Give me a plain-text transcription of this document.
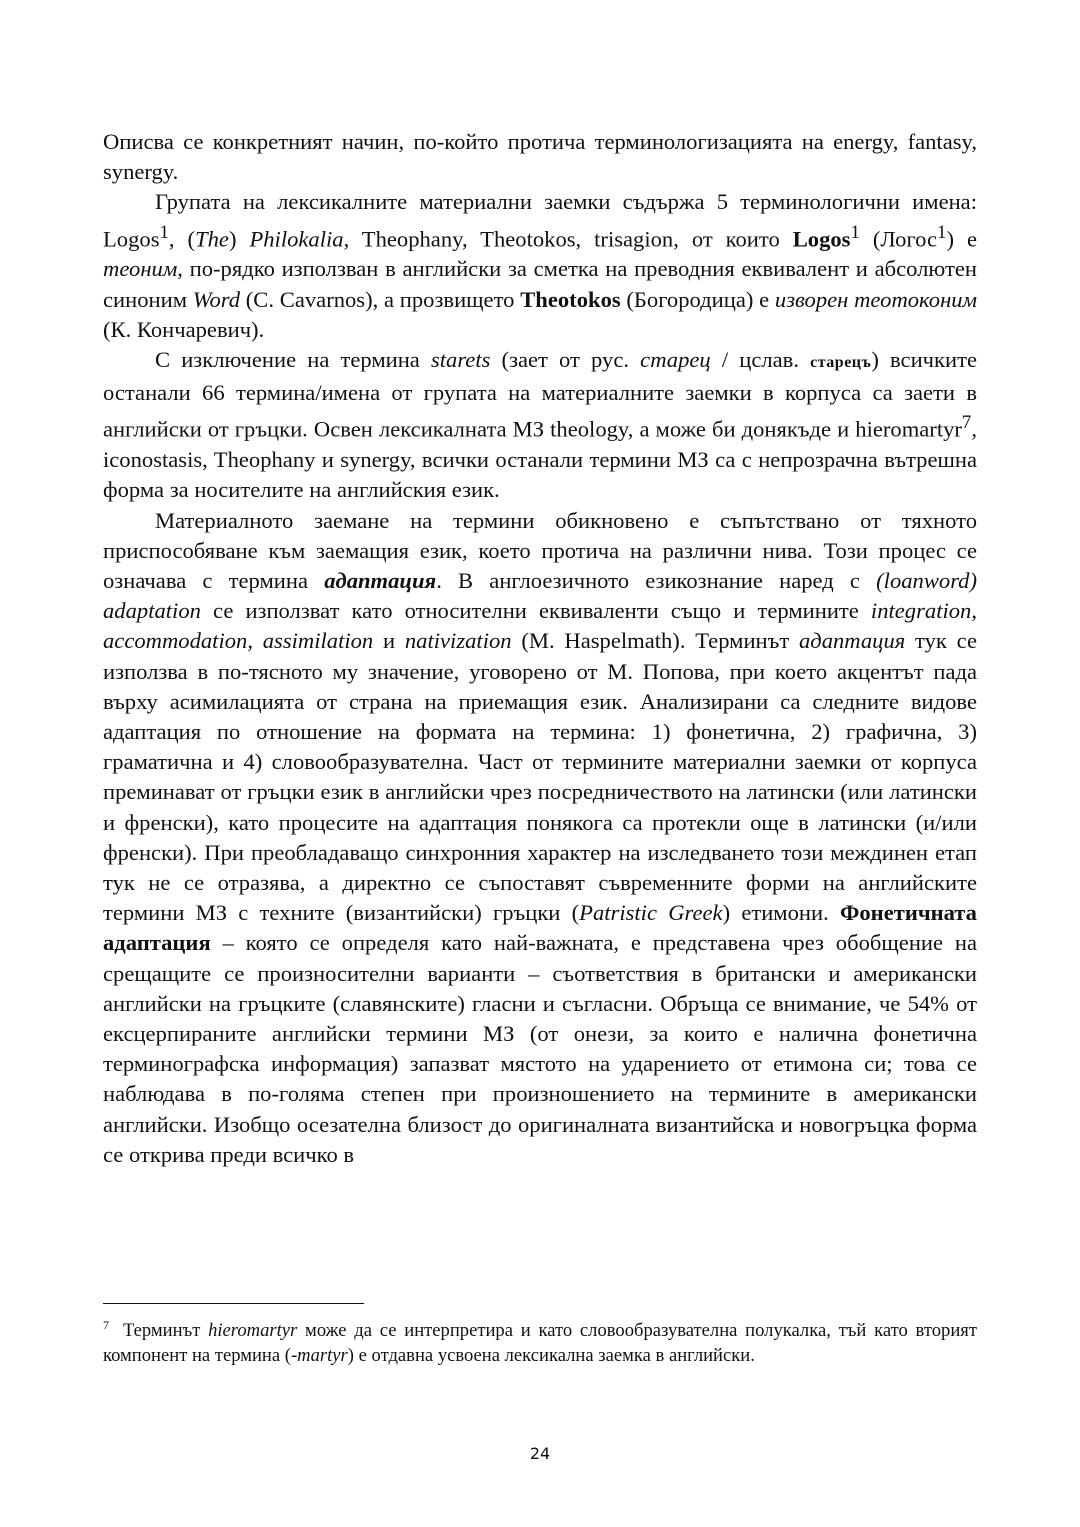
Описва се конкретният начин, по-който протича терминологизацията на energy, fantasy, synergy.

Групата на лексикалните материални заемки съдържа 5 терминологични имена: Logos$^1$, (The) Philokalia, Theophany, Theotokos, trisagion, от които Logos$^1$ (Логос$^1$) е теоним, по-рядко използван в английски за сметка на преводния еквивалент и абсолютен синоним Word (C. Cavarnos), а прозвището Theotokos (Богородица) е изворен теотоконим (К. Кончаревич).

С изключение на термина starets (зает от рус. старец / цслав. старецъ) всичките останали 66 термина/имена от групата на материалните заемки в корпуса са заети в английски от гръцки. Освен лексикалната МЗ theology, а може би донякъде и hieromartyr$^7$, iconostasis, Theophany и synergy, всички останали термини МЗ са с непрозрачна вътрешна форма за носителите на английския език.

Материалното заемане на термини обикновено е съпътствано от тяхното приспособяване към заемащия език, което протича на различни нива. Този процес се означава с термина адаптация. В англоезичното езикознание наред с (loanword) adaptation се използват като относителни еквиваленти също и термините integration, accommodation, assimilation и nativization (M. Haspelmath). Терминът адаптация тук се използва в по-тясното му значение, уговорено от М. Попова, при което акцентът пада върху асимилацията от страна на приемащия език. Анализирани са следните видове адаптация по отношение на формата на термина: 1) фонетична, 2) графична, 3) граматична и 4) словообразувателна. Част от термините материални заемки от корпуса преминават от гръцки език в английски чрез посредничеството на латински (или латински и френски), като процесите на адаптация понякога са протекли още в латински (и/или френски). При преобладаващо синхронния характер на изследването този междинен етап тук не се отразява, а директно се съпоставят съвременните форми на английските термини МЗ с техните (византийски) гръцки (Patristic Greek) етимони. Фонетичната адаптация – която се определя като най-важната, е представена чрез обобщение на срещащите се произносителни варианти – съответствия в британски и американски английски на гръцките (славянските) гласни и съгласни. Обръща се внимание, че 54% от ексцерпираните английски термини МЗ (от онези, за които е налична фонетична терминографска информация) запазват мястото на ударението от етимона си; това се наблюдава в по-голяма степен при произношението на термините в американски английски. Изобщо осезателна близост до оригиналната византийска и новогръцка форма се открива преди всичко в

$^7$ Терминът hieromartyr може да се интерпретира и като словообразувателна полукалка, тъй като вторият компонент на термина (-martyr) е отдавна усвоена лексикална заемка в английски.
24
